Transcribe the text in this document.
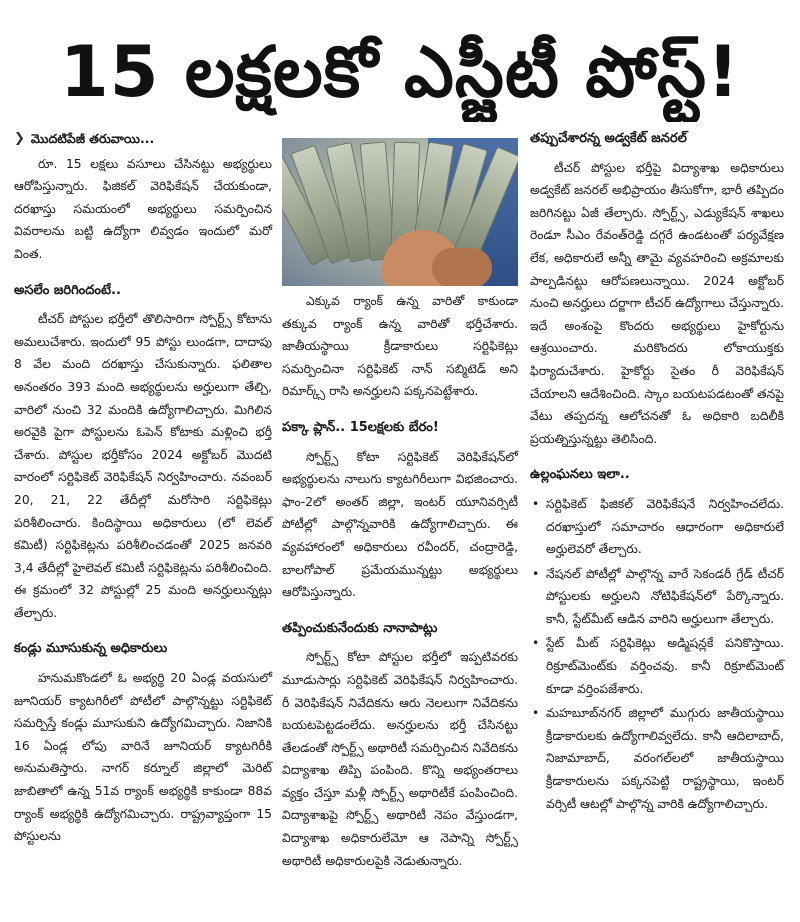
15 లక్షలకో ఎస్జీటీ పోస్ట్!
❯ మొదటిపేజీ తరువాయి...

రూ. 15 లక్షలు వసూలు చేసినట్టు అభ్యర్థులు ఆరోపిస్తున్నారు. ఫిజికల్ వెరిఫికేషన్ చేయకుండా, దరఖాస్తు సమయంలో అభ్యర్థులు సమర్పించిన వివరాలను బట్టి ఉద్యోగా లివ్వడం ఇందులో మరో వింత.

అసలేం జరిగిందంటే..

టీచర్ పోస్టుల భర్తీలో తొలిసారిగా స్పోర్ట్స్ కోటాను అమలుచేశారు. ఇందులో 95 పోస్టు లుండగా, దాదాపు 8 వేల మంది దరఖాస్తు చేసుకున్నారు. ఫలితాల అనంతరం 393 మంది అభ్యర్థులను అర్హులుగా తేల్చి, వారిలో నుంచి 32 మందికి ఉద్యోగాలిచ్చారు. మిగిలిన అరవైకి పైగా పోస్టులను ఓపెన్ కోటాకు మళ్లించి భర్తీ చేశారు. పోస్టుల భర్తీకోసం 2024 అక్టోబర్ మొదటి వారంలో సర్టిఫికెట్ వెరిఫికేషన్ నిర్వహించారు. నవంబర్ 20, 21, 22 తేదీల్లో మరోసారి సర్టిఫికెట్లు పరిశీలించారు. కిందిస్థాయి అధికారులు (లో లెవల్ కమిటీ) సర్టిఫికెట్లను పరిశీలించడంతో 2025 జనవరి 3,4 తేదీల్లో హైలెవల్ కమిటీ సర్టిఫికెట్లను పరిశీలించింది. ఈ క్రమంలో 32 పోస్టుల్లో 25 మంది అనర్హులున్నట్లు తేల్చారు.

కండ్లు మూసుకున్న అధికారులు

హనుమకొండలో ఓ అభ్యర్థి 20 ఏండ్ల వయసులో జూనియర్ క్యాటగిరీలో పోటీలో పాల్గొన్నట్టు సర్టిఫికెట్ సమర్పిస్తే కండ్లు మూసుకుని ఉద్యోగమిచ్చారు. నిజానికి 16 ఏండ్ల లోపు వారినే జూనియర్ క్యాటగిరీకి అనుమతిస్తారు. నాగర్ కర్నూల్ జిల్లాలో మెరిట్ జాబితాలో ఉన్న 51వ ర్యాంక్ అభ్యర్థికి కాకుండా 88వ ర్యాంక్ అభ్యర్థికి ఉద్యోగమిచ్చారు. రాష్ట్రవ్యాప్తంగా 15 పోస్టులను

ఎక్కువ ర్యాంక్ ఉన్న వారితో కాకుండా తక్కువ ర్యాంక్ ఉన్న వారితో భర్తీచేశారు. జాతీయస్థాయి క్రీడాకారులు సర్టిఫికెట్లు సమర్పించినా సర్టిఫికెట్ నాన్ సబ్మిటెడ్ అని రిమార్క్స్ రాసి అనర్హులని పక్కనపెట్టేశారు.

పక్కా ప్లాన్.. 15లక్షలకు బేరం!

స్పోర్ట్స్ కోటా సర్టిఫికెట్ వెరిఫికేషన్‌లో అభ్యర్థులను నాలుగు క్యాటగిరీలుగా విభజించారు. ఫాం-2లో అంతర్ జిల్లా, ఇంటర్ యూనివర్సిటీ పోటీల్లో పాల్గొన్నవారికి ఉద్యోగాలిచ్చారు. ఈ వ్యవహారంలో అధికారులు రవీందర్, చంద్రారెడ్డి, బాలగోపాల్ ప్రమేయమున్నట్టు అభ్యర్థులు ఆరోపిస్తున్నారు.

తప్పించుకునేందుకు నానాపాట్లు

స్పోర్ట్స్ కోటా పోస్టుల భర్తీలో ఇప్పటివరకు మూడుసార్లు సర్టిఫికెట్ వెరిఫికేషన్ నిర్వహించారు. రీ వెరిఫికేషన్ నివేదికను ఆరు నెలలుగా నివేదికను బయటపెట్టడంలేదు. అనర్హులను భర్తీ చేసినట్టు తేలడంతో స్పోర్ట్స్ అథారిటీ సమర్పించిన నివేదికను విద్యాశాఖ తిప్పి పంపింది. కొన్ని అభ్యంతరాలు వ్యక్తం చేస్తూ మళ్లీ స్పోర్ట్స్ అథారిటీకే పంపించింది. విద్యాశాఖపై స్పోర్ట్స్ అథారిటీ నెపం వేస్తుండగా, విద్యాశాఖ అధికారులేమో ఆ నెపాన్ని స్పోర్ట్స్ అథారిటీ అధికారులపైకి నెడుతున్నారు.

తప్పుచేశారన్న అడ్వకేట్ జనరల్

టీచర్ పోస్టుల భర్తీపై విద్యాశాఖ అధికారులు అడ్వకేట్ జనరల్ అభిప్రాయం తీసుకోగా, భారీ తప్పిదం జరిగినట్టు ఏజీ తేల్చారు. స్పోర్ట్స్, ఎడ్యుకేషన్ శాఖలు రెండూ సీఎం రేవంత్‌రెడ్డి దగ్గరే ఉండటంతో పర్యవేక్షణ లేక, అధికారులే అన్నీ తామై వ్యవహరించి అక్రమాలకు పాల్పడినట్టు ఆరోపణలున్నాయి. 2024 అక్టోబర్ నుంచి అనర్హులు దర్జాగా టీచర్ ఉద్యోగాలు చేస్తున్నారు. ఇదే అంశంపై కొందరు అభ్యర్థులు హైకోర్టును ఆశ్రయించారు. మరికొందరు లోకాయుక్తకు ఫిర్యాదుచేశారు. హైకోర్టు సైతం రీ వెరిఫికేషన్ చేయాలని ఆదేశించింది. స్కాం బయటపడటంతో తనపై వేటు తప్పదన్న ఆలోచనతో ఓ అధికారి బదిలీకి ప్రయత్నిస్తున్నట్టు తెలిసింది.

ఉల్లంఘనలు ఇలా..
• సర్టిఫికెట్ ఫిజికల్ వెరిఫికేషనే నిర్వహించలేదు. దరఖాస్తులో సమాచారం ఆధారంగా అధికారులే అర్హులెవరో తేల్చారు.
• నేషనల్ పోటీల్లో పాల్గొన్న వారే సెకండరీ గ్రేడ్ టీచర్ పోస్టులకు అర్హులని నోటిఫికేషన్‌లో పేర్కొన్నారు. కానీ, స్టేట్‌మీట్ ఆడిన వారిని అర్హులుగా తేల్చారు.
• స్టేట్ మీట్ సర్టిఫికెట్లు అడ్మిషన్లకే పనికొస్తాయి. రిక్రూట్‌మెంట్‌కు వర్తించవు. కానీ రిక్రూట్‌మెంట్ కూడా వర్తింపజేశారు.
• మహబూబ్‌నగర్ జిల్లాలో ముగ్గురు జాతీయస్థాయి క్రీడాకారులకు ఉద్యోగాలివ్వలేదు. కానీ ఆదిలాబాద్, నిజామాబాద్, వరంగల్‌లలో జాతీయస్థాయి క్రీడాకారులను పక్కనపెట్టి రాష్ట్రస్థాయి, ఇంటర్ వర్సిటీ ఆటల్లో పాల్గొన్న వారికి ఉద్యోగాలిచ్చారు.
